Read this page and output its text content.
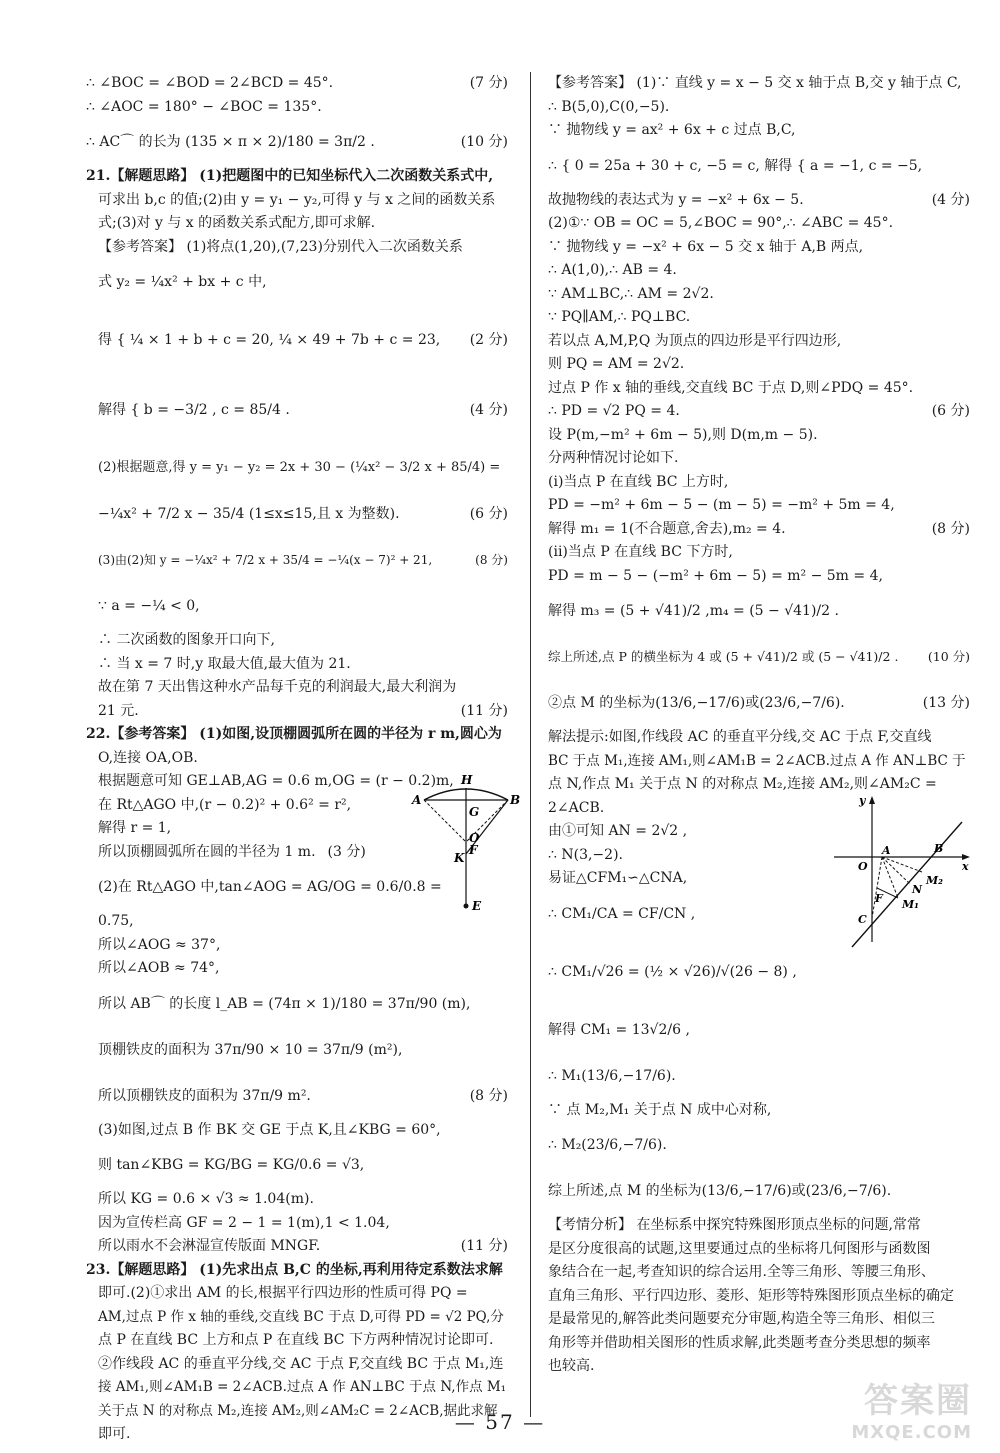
∴ ∠BOC = ∠BOD = 2∠BCD = 45°.	(7 分)
∴ ∠AOC = 180° − ∠BOC = 135°.
∴ AC⌒ 的长为 (135 × π × 2)/180 = 3π/2 .	(10 分)
21.【解题思路】 (1)把题图中的已知坐标代入二次函数关系式中,
可求出 b,c 的值;(2)由 y = y₁ − y₂,可得 y 与 x 之间的函数关系
式;(3)对 y 与 x 的函数关系式配方,即可求解.
【参考答案】 (1)将点(1,20),(7,23)分别代入二次函数关系
式 y₂ = ¼x² + bx + c 中,
得 { ¼ × 1 + b + c = 20, ¼ × 49 + 7b + c = 23, (2 分)
解得 { b = −3/2 , c = 85/4 .	(4 分)
(2)根据题意,得 y = y₁ − y₂ = 2x + 30 − (¼x² − 3/2 x + 85/4) =
−¼x² + 7/2 x − 35/4 (1≤x≤15,且 x 为整数).	(6 分)
(3)由(2)知 y = −¼x² + 7/2 x + 35/4 = −¼(x − 7)² + 21,	(8 分)
∵ a = −¼ < 0,
∴ 二次函数的图象开口向下,
∴ 当 x = 7 时,y 取最大值,最大值为 21.
故在第 7 天出售这种水产品每千克的利润最大,最大利润为
21 元.	(11 分)
22.【参考答案】 (1)如图,设顶棚圆弧所在圆的半径为 r m,圆心为
O,连接 OA,OB.
根据题意可知 GE⊥AB,AG = 0.6 m,OG = (r − 0.2)m,
在 Rt△AGO 中,(r − 0.2)² + 0.6² = r²,
解得 r = 1,
所以顶棚圆弧所在圆的半径为 1 m. (3 分)
(2)在 Rt△AGO 中,tan∠AOG = AG/OG = 0.6/0.8 =
0.75,
所以∠AOG ≈ 37°,
所以∠AOB ≈ 74°,
所以 AB⌒ 的长度 l_AB = (74π × 1)/180 = 37π/90 (m),
顶棚铁皮的面积为 37π/90 × 10 = 37π/9 (m²),
所以顶棚铁皮的面积为 37π/9 m².	(8 分)
(3)如图,过点 B 作 BK 交 GE 于点 K,且∠KBG = 60°,
则 tan∠KBG = KG/BG = KG/0.6 = √3,
所以 KG = 0.6 × √3 ≈ 1.04(m).
因为宣传栏高 GF = 2 − 1 = 1(m),1 < 1.04,
所以雨水不会淋湿宣传版面 MNGF.	(11 分)
23.【解题思路】 (1)先求出点 B,C 的坐标,再利用待定系数法求解
即可.(2)①求出 AM 的长,根据平行四边形的性质可得 PQ =
AM,过点 P 作 x 轴的垂线,交直线 BC 于点 D,可得 PD = √2 PQ,分
点 P 在直线 BC 上方和点 P 在直线 BC 下方两种情况讨论即可.
②作线段 AC 的垂直平分线,交 AC 于点 F,交直线 BC 于点 M₁,连
接 AM₁,则∠AM₁B = 2∠ACB.过点 A 作 AN⊥BC 于点 N,作点 M₁
关于点 N 的对称点 M₂,连接 AM₂,则∠AM₂C = 2∠ACB,据此求解
即可.
【参考答案】 (1)∵ 直线 y = x − 5 交 x 轴于点 B,交 y 轴于点 C,
∴ B(5,0),C(0,−5).
∵ 抛物线 y = ax² + 6x + c 过点 B,C,
∴ { 0 = 25a + 30 + c, −5 = c, 解得 { a = −1, c = −5,
故抛物线的表达式为 y = −x² + 6x − 5.	(4 分)
(2)①∵ OB = OC = 5,∠BOC = 90°,∴ ∠ABC = 45°.
∵ 抛物线 y = −x² + 6x − 5 交 x 轴于 A,B 两点,
∴ A(1,0),∴ AB = 4.
∵ AM⊥BC,∴ AM = 2√2.
∵ PQ∥AM,∴ PQ⊥BC.
若以点 A,M,P,Q 为顶点的四边形是平行四边形,
则 PQ = AM = 2√2.
过点 P 作 x 轴的垂线,交直线 BC 于点 D,则∠PDQ = 45°.
∴ PD = √2 PQ = 4.	(6 分)
设 P(m,−m² + 6m − 5),则 D(m,m − 5).
分两种情况讨论如下.
(i)当点 P 在直线 BC 上方时,
PD = −m² + 6m − 5 − (m − 5) = −m² + 5m = 4,
解得 m₁ = 1(不合题意,舍去),m₂ = 4.	(8 分)
(ii)当点 P 在直线 BC 下方时,
PD = m − 5 − (−m² + 6m − 5) = m² − 5m = 4,
解得 m₃ = (5 + √41)/2 ,m₄ = (5 − √41)/2 .
综上所述,点 P 的横坐标为 4 或 (5 + √41)/2 或 (5 − √41)/2 . (10 分)
②点 M 的坐标为(13/6,−17/6)或(23/6,−7/6).	(13 分)
解法提示:如图,作线段 AC 的垂直平分线,交 AC 于点 F,交直线
BC 于点 M₁,连接 AM₁,则∠AM₁B = 2∠ACB.过点 A 作 AN⊥BC 于
点 N,作点 M₁ 关于点 N 的对称点 M₂,连接 AM₂,则∠AM₂C =
2∠ACB.
由①可知 AN = 2√2 ,
∴ N(3,−2).
易证△CFM₁∽△CNA,
∴ CM₁/CA = CF/CN ,
∴ CM₁/√26 = (½ × √26)/√(26 − 8) ,
解得 CM₁ = 13√2/6 ,
∴ M₁(13/6,−17/6).
∵ 点 M₂,M₁ 关于点 N 成中心对称,
∴ M₂(23/6,−7/6).
综上所述,点 M 的坐标为(13/6,−17/6)或(23/6,−7/6).
【考情分析】 在坐标系中探究特殊图形顶点坐标的问题,常常
是区分度很高的试题,这里要通过点的坐标将几何图形与函数图
象结合在一起,考查知识的综合运用.全等三角形、等腰三角形、
直角三角形、平行四边形、菱形、矩形等特殊图形顶点坐标的确定
是最常见的,解答此类问题要充分审题,构造全等三角形、相似三
角形等并借助相关图形的性质求解,此类题考查分类思想的频率
也较高.
H
A	B
G
O
F
K
E
y
x
O
A	B
C
F
N
M₂
M₁
— 57 —
答案圈
MXQE.COM
